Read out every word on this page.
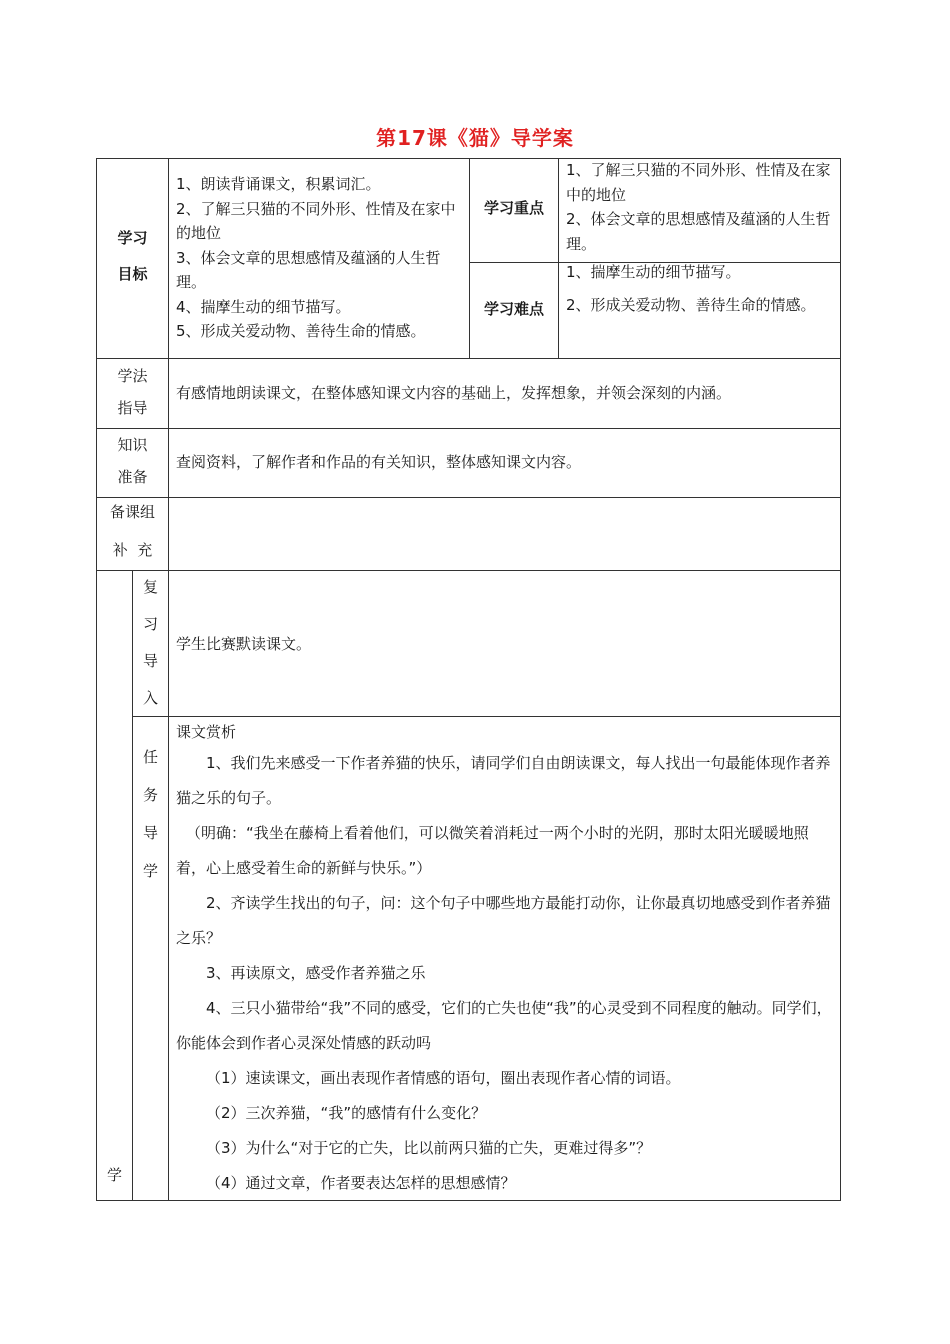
第17课《猫》导学案
学习
目标

1、朗读背诵课文，积累词汇。

2、了解三只猫的不同外形、性情及在家中的地位

3、体会文章的思想感情及蕴涵的人生哲理。

4、揣摩生动的细节描写。

5、形成关爱动物、善待生命的情感。

学习重点

1、了解三只猫的不同外形、性情及在家中的地位

2、体会文章的思想感情及蕴涵的人生哲理。

学习难点

1、揣摩生动的细节描写。

2、形成关爱动物、善待生命的情感。

学法
指导
有感情地朗读课文，在整体感知课文内容的基础上，发挥想象，并领会深刻的内涵。
知识
准备
查阅资料，了解作者和作品的有关知识，整体感知课文内容。
备课组
补  充
复
习
导
入
学生比赛默读课文。
任
务
导
学
学

课文赏析

1、我们先来感受一下作者养猫的快乐，请同学们自由朗读课文，每人找出一句最能体现作者养猫之乐的句子。

（明确：“我坐在藤椅上看着他们，可以微笑着消耗过一两个小时的光阴，那时太阳光暖暖地照着，心上感受着生命的新鲜与快乐。”）

2、齐读学生找出的句子，问：这个句子中哪些地方最能打动你，让你最真切地感受到作者养猫之乐？

3、再读原文，感受作者养猫之乐

4、三只小猫带给“我”不同的感受，它们的亡失也使“我”的心灵受到不同程度的触动。同学们，你能体会到作者心灵深处情感的跃动吗

（1）速读课文，画出表现作者情感的语句，圈出表现作者心情的词语。

（2）三次养猫，“我”的感情有什么变化？

（3）为什么“对于它的亡失，比以前两只猫的亡失，更难过得多”？

（4）通过文章，作者要表达怎样的思想感情？
